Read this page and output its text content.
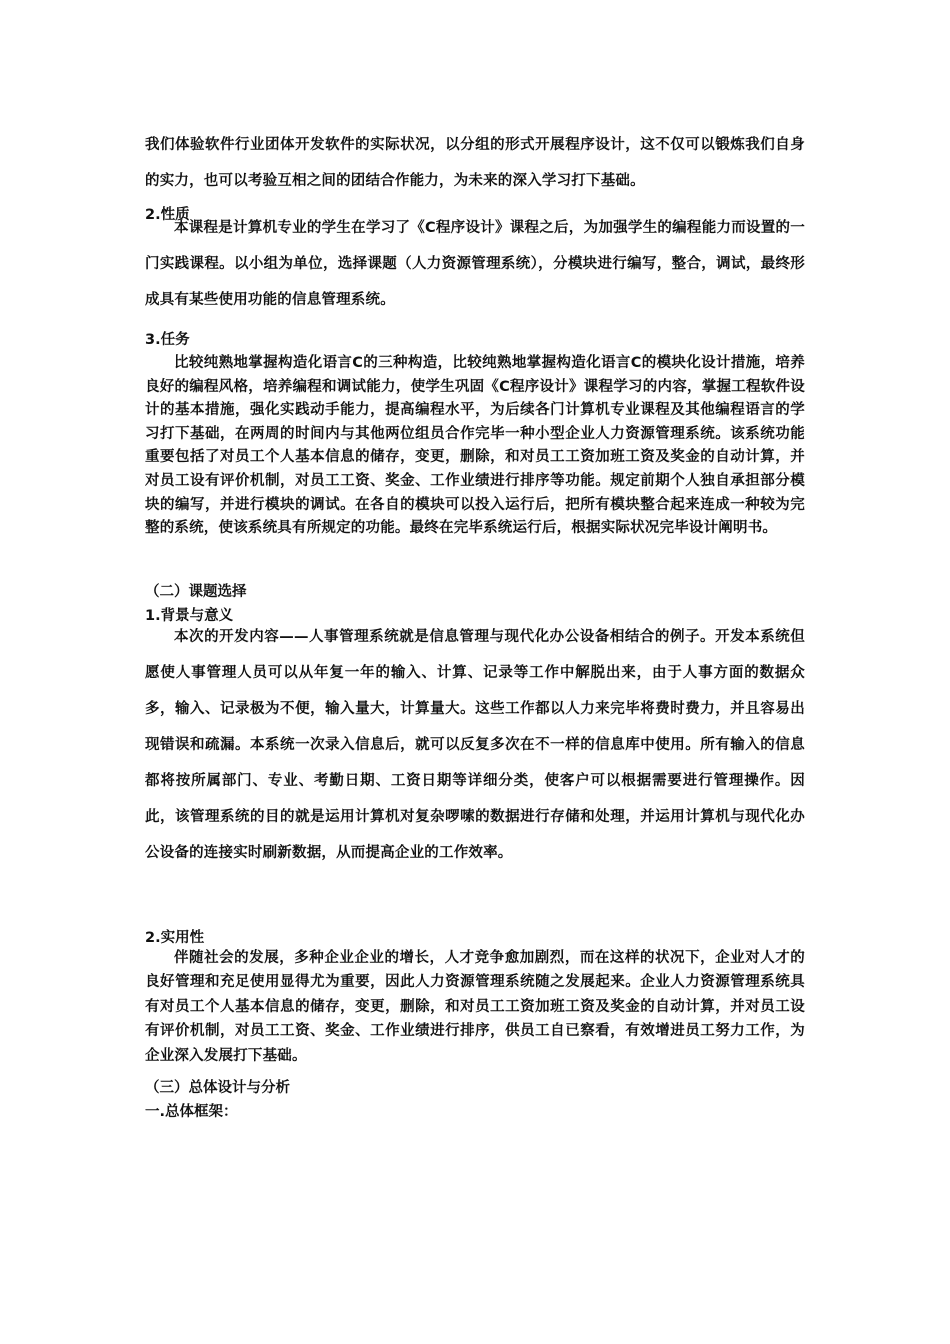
我们体验软件行业团体开发软件的实际状况，以分组的形式开展程序设计，这不仅可以锻炼我们自身的实力，也可以考验互相之间的团结合作能力，为未来的深入学习打下基础。

2.性质

本课程是计算机专业的学生在学习了《C程序设计》课程之后，为加强学生的编程能力而设置的一门实践课程。以小组为单位，选择课题（人力资源管理系统），分模块进行编写，整合，调试，最终形成具有某些使用功能的信息管理系统。

3.任务

比较纯熟地掌握构造化语言C的三种构造，比较纯熟地掌握构造化语言C的模块化设计措施，培养良好的编程风格，培养编程和调试能力，使学生巩固《C程序设计》课程学习的内容，掌握工程软件设计的基本措施，强化实践动手能力，提高编程水平，为后续各门计算机专业课程及其他编程语言的学习打下基础，在两周的时间内与其他两位组员合作完毕一种小型企业人力资源管理系统。该系统功能重要包括了对员工个人基本信息的储存，变更，删除，和对员工工资加班工资及奖金的自动计算，并对员工设有评价机制，对员工工资、奖金、工作业绩进行排序等功能。规定前期个人独自承担部分模块的编写，并进行模块的调试。在各自的模块可以投入运行后，把所有模块整合起来连成一种较为完整的系统，使该系统具有所规定的功能。最终在完毕系统运行后，根据实际状况完毕设计阐明书。

（二）课题选择

1.背景与意义

本次的开发内容——人事管理系统就是信息管理与现代化办公设备相结合的例子。开发本系统但愿使人事管理人员可以从年复一年的输入、计算、记录等工作中解脱出来，由于人事方面的数据众多，输入、记录极为不便，输入量大，计算量大。这些工作都以人力来完毕将费时费力，并且容易出现错误和疏漏。本系统一次录入信息后，就可以反复多次在不一样的信息库中使用。所有输入的信息都将按所属部门、专业、考勤日期、工资日期等详细分类，使客户可以根据需要进行管理操作。因此，该管理系统的目的就是运用计算机对复杂啰嗦的数据进行存储和处理，并运用计算机与现代化办公设备的连接实时刷新数据，从而提高企业的工作效率。

2.实用性

伴随社会的发展，多种企业企业的增长，人才竞争愈加剧烈，而在这样的状况下，企业对人才的良好管理和充足使用显得尤为重要，因此人力资源管理系统随之发展起来。企业人力资源管理系统具有对员工个人基本信息的储存，变更，删除，和对员工工资加班工资及奖金的自动计算，并对员工设有评价机制，对员工工资、奖金、工作业绩进行排序，供员工自已察看，有效增进员工努力工作，为企业深入发展打下基础。

（三）总体设计与分析

一.总体框架：
